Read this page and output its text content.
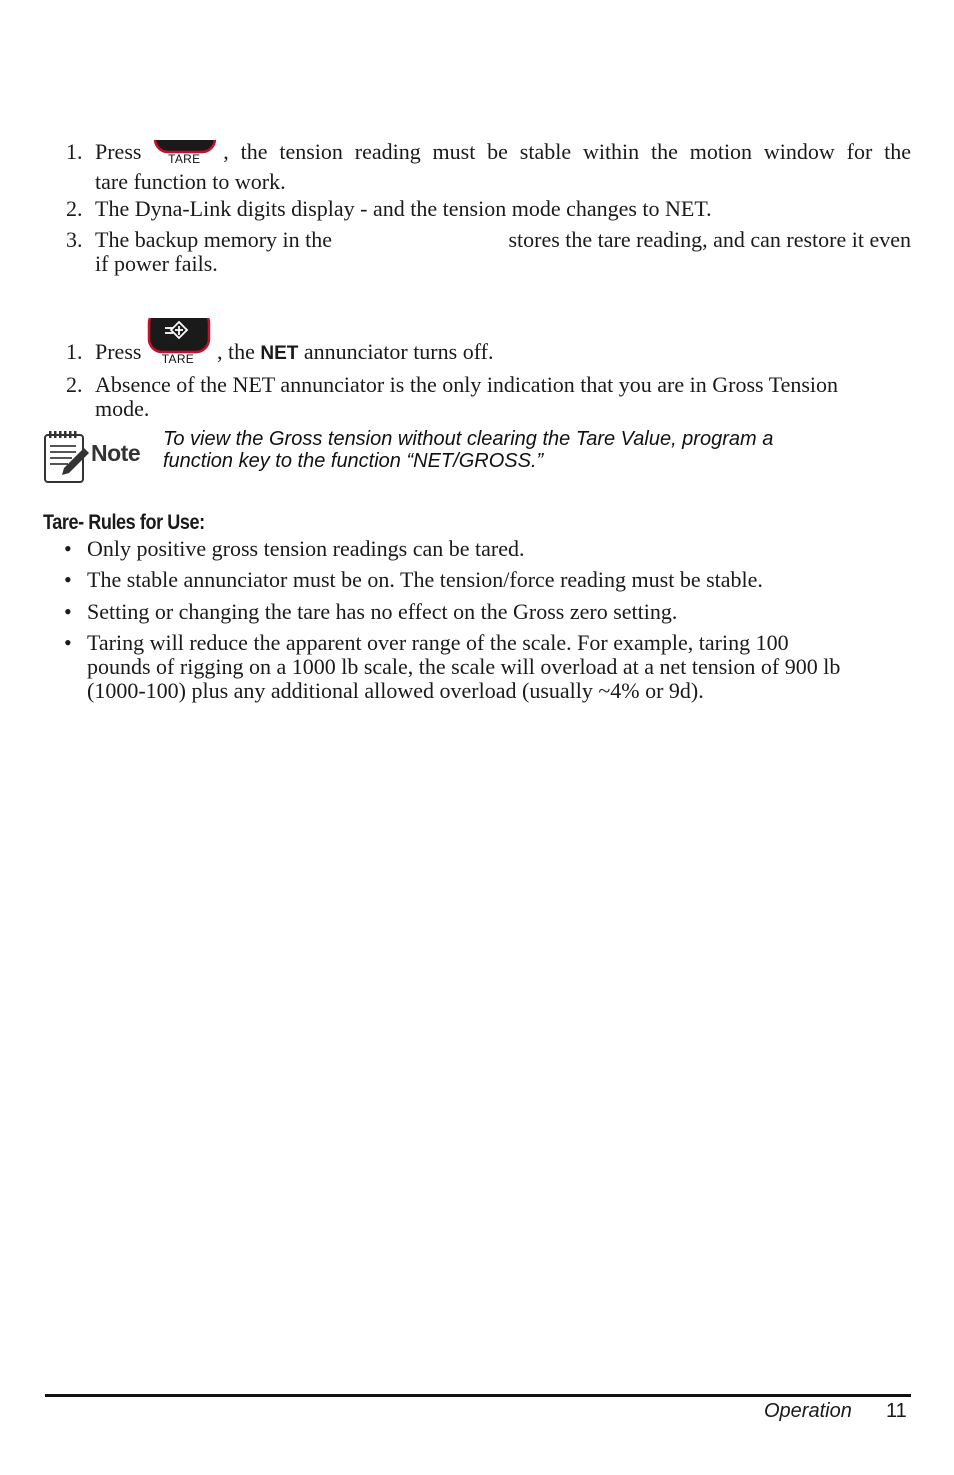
1. Press	TARE	, the tension reading must be stable within the motion window for the
tare function to work.
2. The Dyna-Link digits display - and the tension mode changes to NET.
3. The backup memory in the	stores the tare reading, and can restore it even
if power fails.
1. Press	TARE	, the NET annunciator turns off.
2. Absence of the NET annunciator is the only indication that you are in Gross Tension
mode.
Note
To view the Gross tension without clearing the Tare Value, program a
function key to the function “NET/GROSS.”
Tare- Rules for Use:
• Only positive gross tension readings can be tared.
• The stable annunciator must be on. The tension/force reading must be stable.
• Setting or changing the tare has no effect on the Gross zero setting.
• Taring will reduce the apparent over range of the scale. For example, taring 100
pounds of rigging on a 1000 lb scale, the scale will overload at a net tension of 900 lb
(1000-100) plus any additional allowed overload (usually ~4% or 9d).
Operation 11
